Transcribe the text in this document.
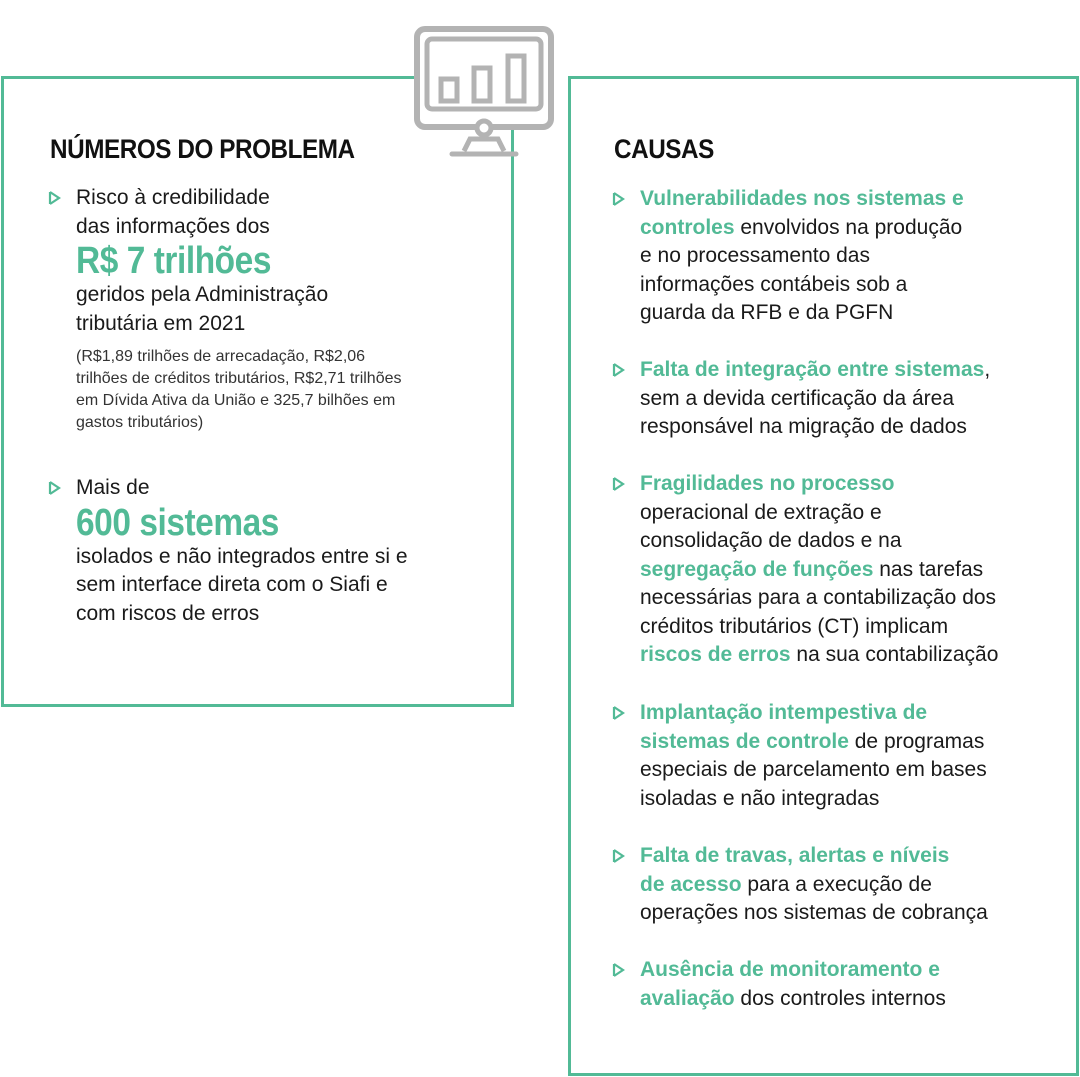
NÚMEROS DO PROBLEMA	CAUSAS
Risco à credibilidade
das informações dos
R$ 7 trilhões
geridos pela Administração
tributária em 2021
(R$1,89 trilhões de arrecadação, R$2,06
trilhões de créditos tributários, R$2,71 trilhões
em Dívida Ativa da União e 325,7 bilhões em
gastos tributários)
Mais de
600 sistemas
isolados e não integrados entre si e
sem interface direta com o Siafi e
com riscos de erros
Vulnerabilidades nos sistemas e
controles envolvidos na produção
e no processamento das
informações contábeis sob a
guarda da RFB e da PGFN
Falta de integração entre sistemas,
sem a devida certificação da área
responsável na migração de dados
Fragilidades no processo
operacional de extração e
consolidação de dados e na
segregação de funções nas tarefas
necessárias para a contabilização dos
créditos tributários (CT) implicam
riscos de erros na sua contabilização
Implantação intempestiva de
sistemas de controle de programas
especiais de parcelamento em bases
isoladas e não integradas
Falta de travas, alertas e níveis
de acesso para a execução de
operações nos sistemas de cobrança
Ausência de monitoramento e
avaliação dos controles internos
